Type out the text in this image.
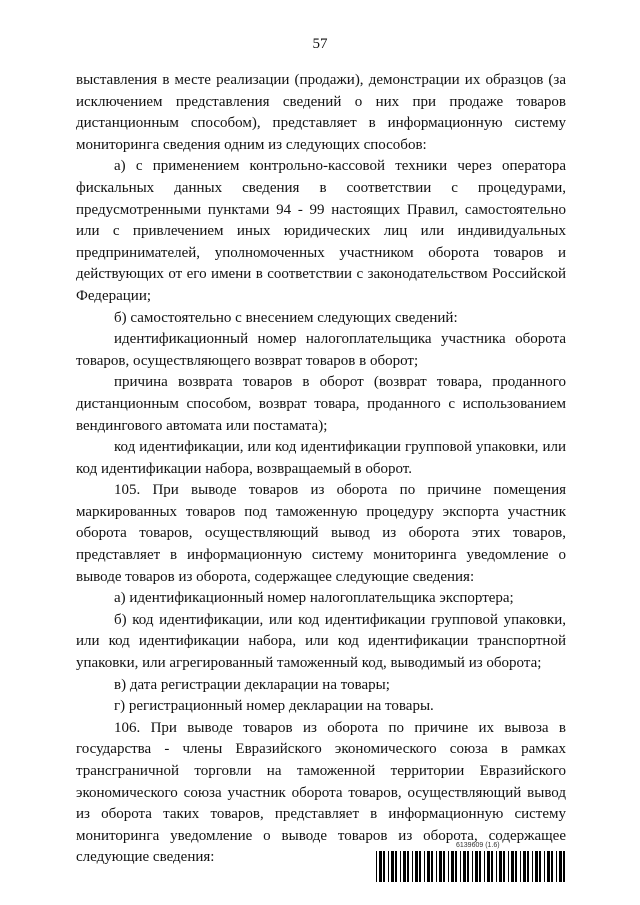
57

выставления в месте реализации (продажи), демонстрации их образцов (за исключением представления сведений о них при продаже товаров дистанционным способом), представляет в информационную систему мониторинга сведения одним из следующих способов:

а) с применением контрольно-кассовой техники через оператора фискальных данных сведения в соответствии с процедурами, предусмотренными пунктами 94 - 99 настоящих Правил, самостоятельно или с привлечением иных юридических лиц или индивидуальных предпринимателей, уполномоченных участником оборота товаров и действующих от его имени в соответствии с законодательством Российской Федерации;

б) самостоятельно с внесением следующих сведений:

идентификационный номер налогоплательщика участника оборота товаров, осуществляющего возврат товаров в оборот;

причина возврата товаров в оборот (возврат товара, проданного дистанционным способом, возврат товара, проданного с использованием вендингового автомата или постамата);

код идентификации, или код идентификации групповой упаковки, или код идентификации набора, возвращаемый в оборот.

105. При выводе товаров из оборота по причине помещения маркированных товаров под таможенную процедуру экспорта участник оборота товаров, осуществляющий вывод из оборота этих товаров, представляет в информационную систему мониторинга уведомление о выводе товаров из оборота, содержащее следующие сведения:

а) идентификационный номер налогоплательщика экспортера;

б) код идентификации, или код идентификации групповой упаковки, или код идентификации набора, или код идентификации транспортной упаковки, или агрегированный таможенный код, выводимый из оборота;

в) дата регистрации декларации на товары;

г) регистрационный номер декларации на товары.

106. При выводе товаров из оборота по причине их вывоза в государства - члены Евразийского экономического союза в рамках трансграничной торговли на таможенной территории Евразийского экономического союза участник оборота товаров, осуществляющий вывод из оборота таких товаров, представляет в информационную систему мониторинга уведомление о выводе товаров из оборота, содержащее следующие сведения:

6139609 (1.6)
